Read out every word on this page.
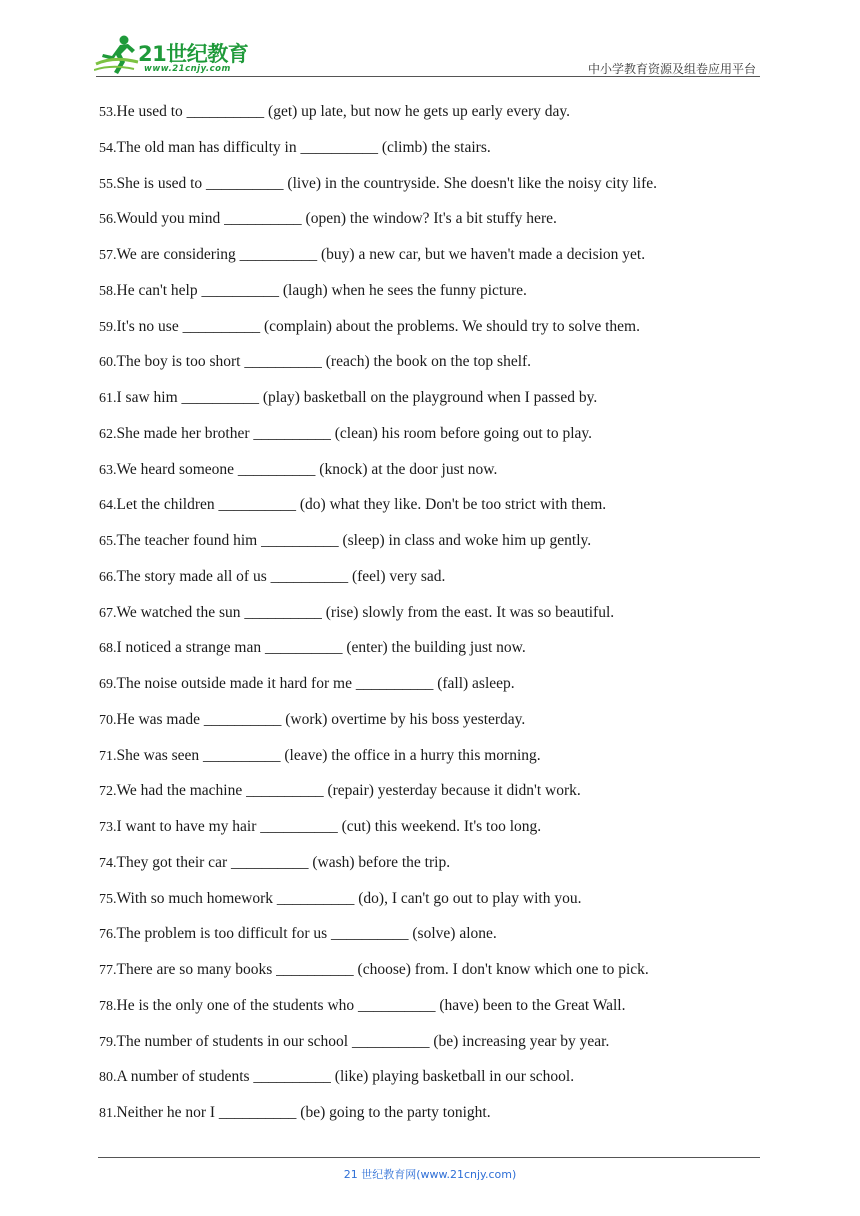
21世纪教育
www.21cnjy.com	中小学教育资源及组卷应用平台
53.He used to __________ (get) up late, but now he gets up early every day.
54.The old man has difficulty in __________ (climb) the stairs.
55.She is used to __________ (live) in the countryside. She doesn't like the noisy city life.
56.Would you mind __________ (open) the window? It's a bit stuffy here.
57.We are considering __________ (buy) a new car, but we haven't made a decision yet.
58.He can't help __________ (laugh) when he sees the funny picture.
59.It's no use __________ (complain) about the problems. We should try to solve them.
60.The boy is too short __________ (reach) the book on the top shelf.
61.I saw him __________ (play) basketball on the playground when I passed by.
62.She made her brother __________ (clean) his room before going out to play.
63.We heard someone __________ (knock) at the door just now.
64.Let the children __________ (do) what they like. Don't be too strict with them.
65.The teacher found him __________ (sleep) in class and woke him up gently.
66.The story made all of us __________ (feel) very sad.
67.We watched the sun __________ (rise) slowly from the east. It was so beautiful.
68.I noticed a strange man __________ (enter) the building just now.
69.The noise outside made it hard for me __________ (fall) asleep.
70.He was made __________ (work) overtime by his boss yesterday.
71.She was seen __________ (leave) the office in a hurry this morning.
72.We had the machine __________ (repair) yesterday because it didn't work.
73.I want to have my hair __________ (cut) this weekend. It's too long.
74.They got their car __________ (wash) before the trip.
75.With so much homework __________ (do), I can't go out to play with you.
76.The problem is too difficult for us __________ (solve) alone.
77.There are so many books __________ (choose) from. I don't know which one to pick.
78.He is the only one of the students who __________ (have) been to the Great Wall.
79.The number of students in our school __________ (be) increasing year by year.
80.A number of students __________ (like) playing basketball in our school.
81.Neither he nor I __________ (be) going to the party tonight.
21 世纪教育网(www.21cnjy.com)
